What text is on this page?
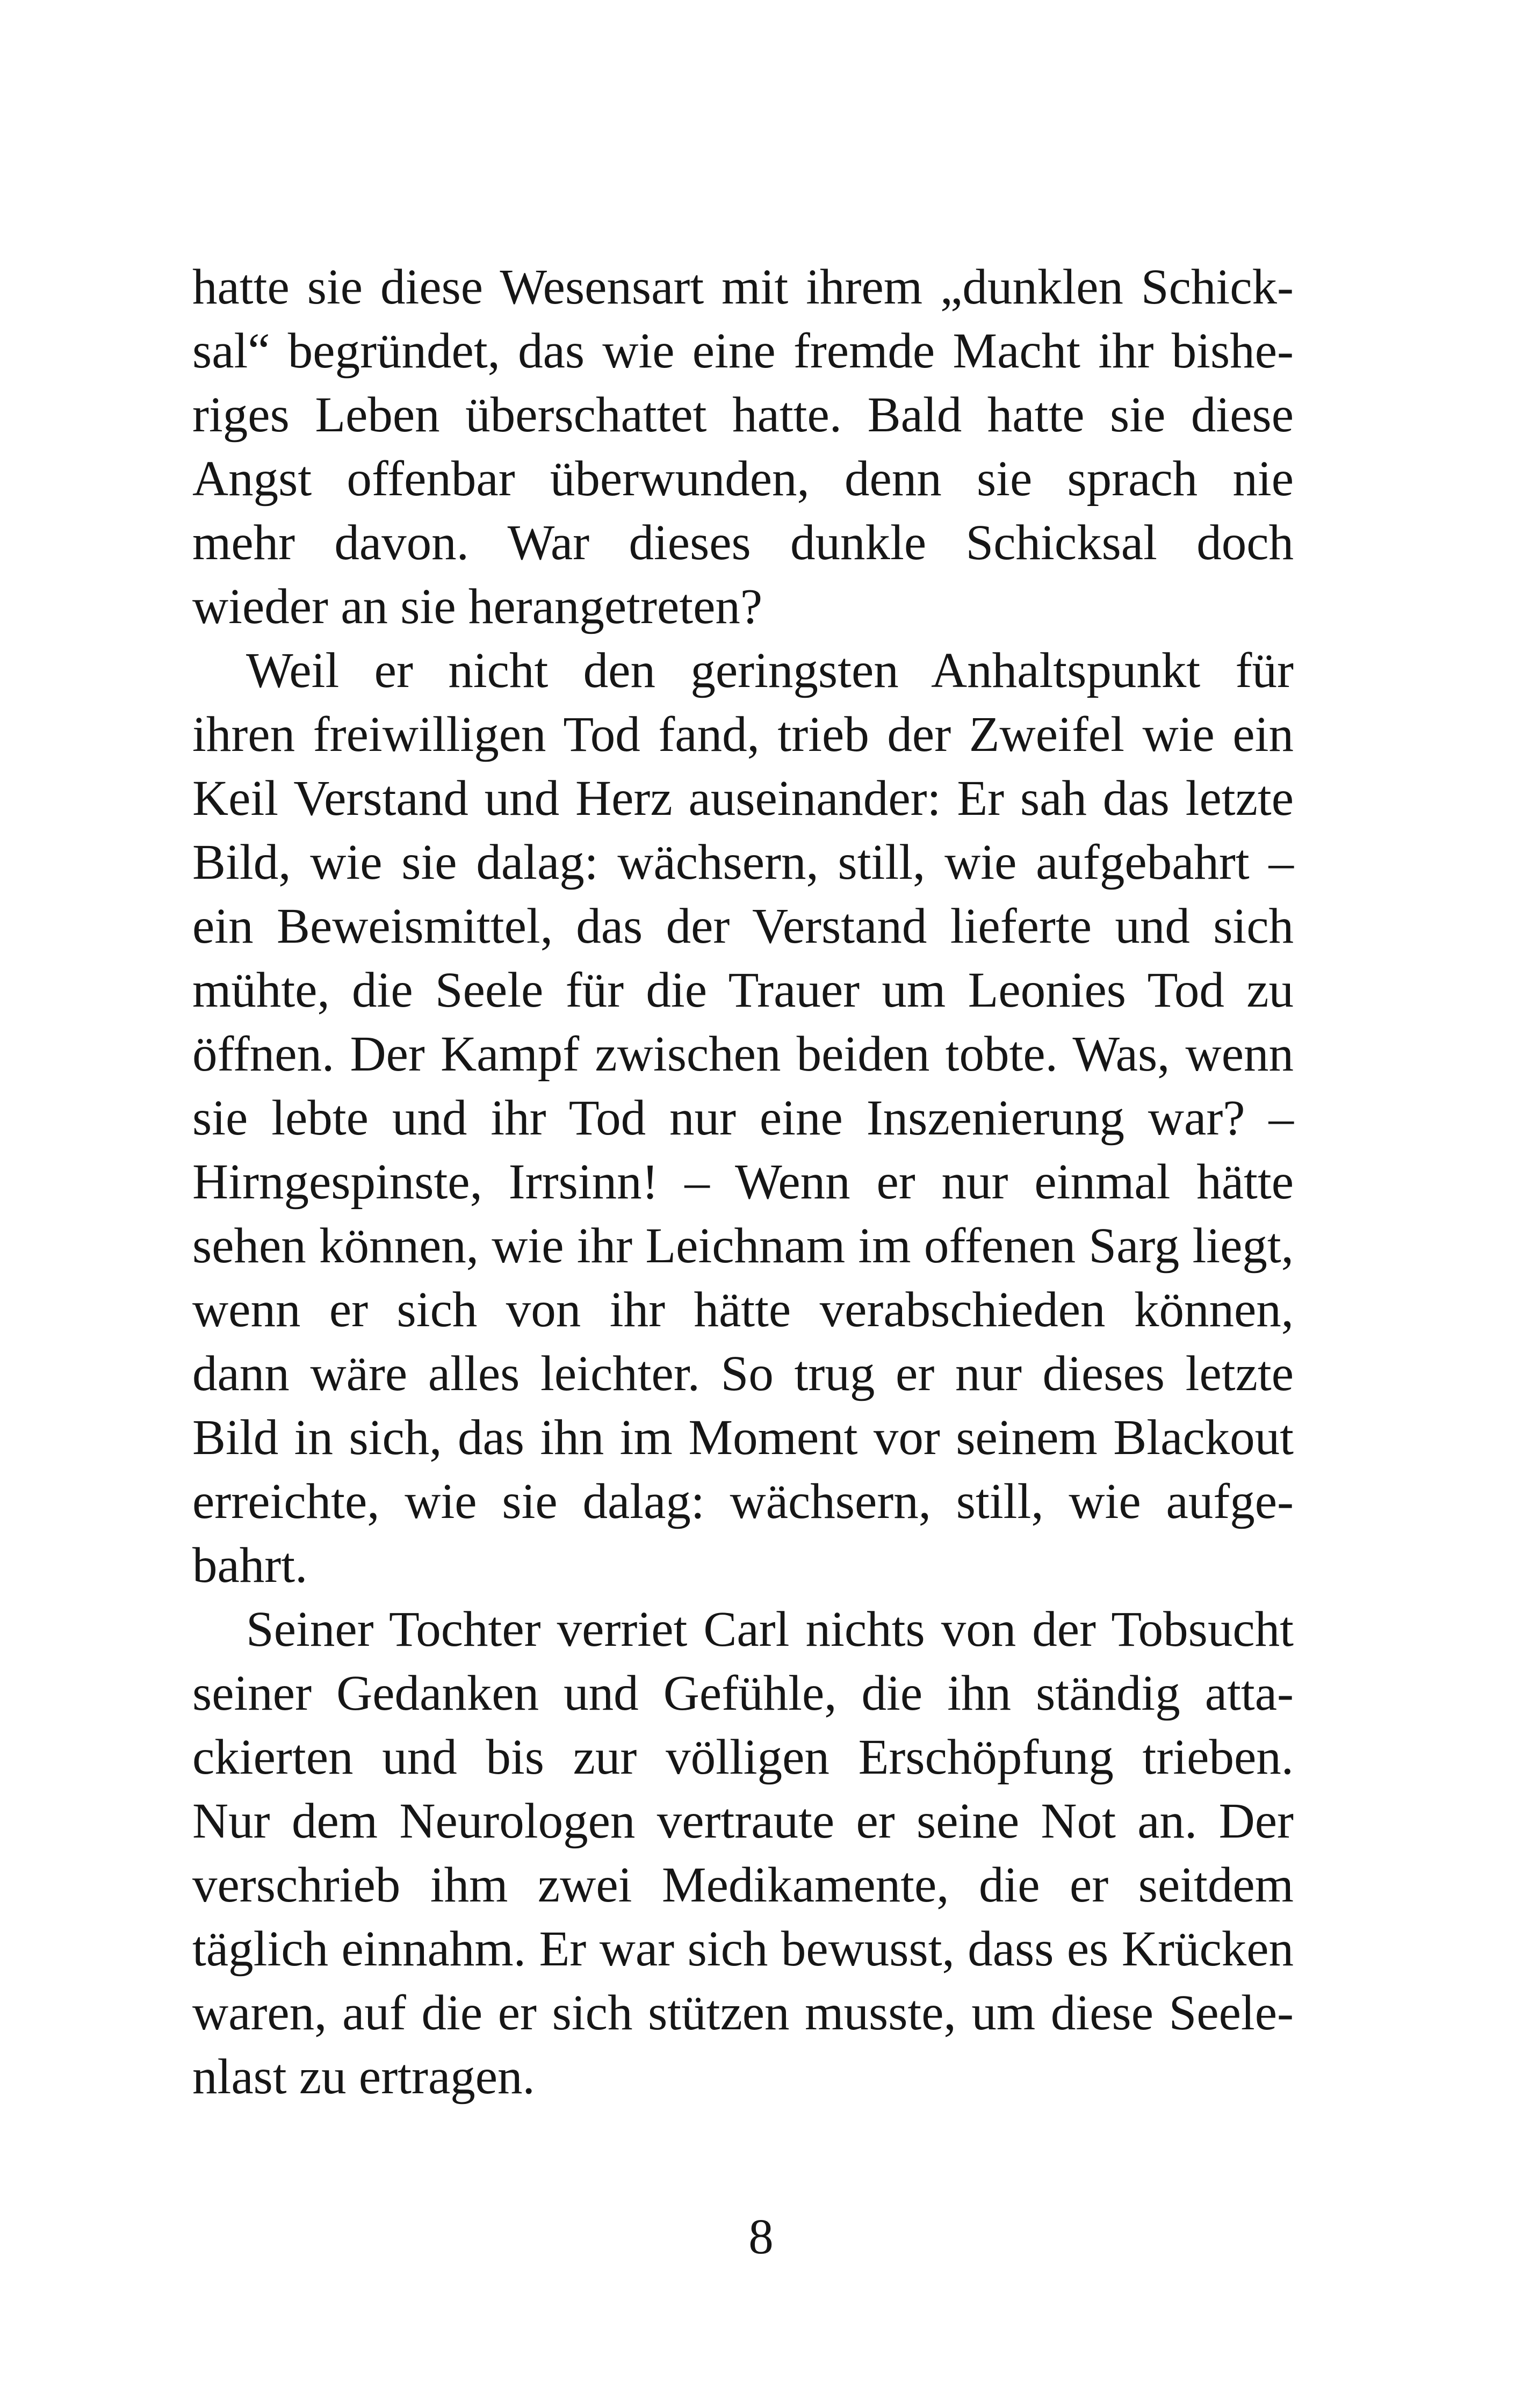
hatte sie diese Wesensart mit ihrem „dunklen Schick-
sal“ begründet, das wie eine fremde Macht ihr bishe-
riges Leben überschattet hatte. Bald hatte sie diese
Angst offenbar überwunden, denn sie sprach nie
mehr davon. War dieses dunkle Schicksal doch
wieder an sie herangetreten?
Weil er nicht den geringsten Anhaltspunkt für
ihren freiwilligen Tod fand, trieb der Zweifel wie ein
Keil Verstand und Herz auseinander: Er sah das letzte
Bild, wie sie dalag: wächsern, still, wie aufgebahrt –
ein Beweismittel, das der Verstand lieferte und sich
mühte, die Seele für die Trauer um Leonies Tod zu
öffnen. Der Kampf zwischen beiden tobte. Was, wenn
sie lebte und ihr Tod nur eine Inszenierung war? –
Hirngespinste, Irrsinn! – Wenn er nur einmal hätte
sehen können, wie ihr Leichnam im offenen Sarg liegt,
wenn er sich von ihr hätte verabschieden können,
dann wäre alles leichter. So trug er nur dieses letzte
Bild in sich, das ihn im Moment vor seinem Blackout
erreichte, wie sie dalag: wächsern, still, wie aufge-
bahrt.
Seiner Tochter verriet Carl nichts von der Tobsucht
seiner Gedanken und Gefühle, die ihn ständig atta-
ckierten und bis zur völligen Erschöpfung trieben.
Nur dem Neurologen vertraute er seine Not an. Der
verschrieb ihm zwei Medikamente, die er seitdem
täglich einnahm. Er war sich bewusst, dass es Krücken
waren, auf die er sich stützen musste, um diese Seele-
nlast zu ertragen.
8
